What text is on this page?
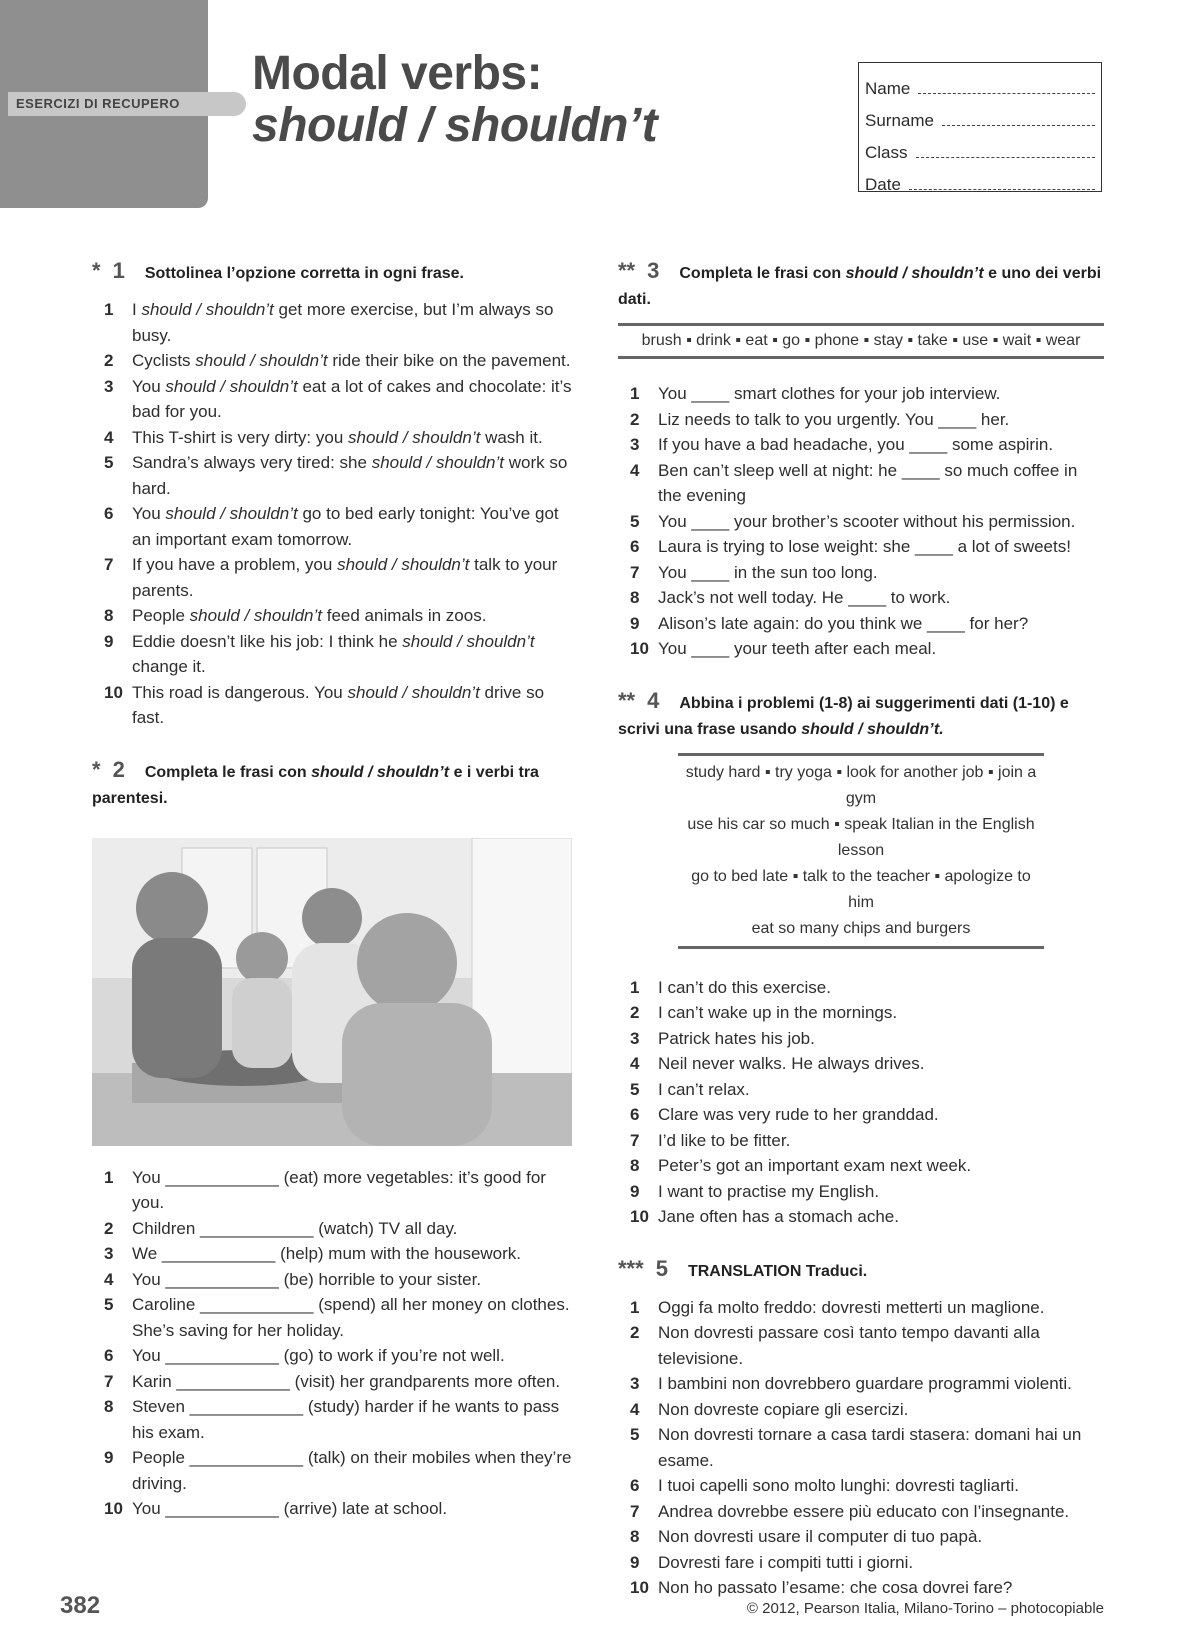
ESERCIZI DI RECUPERO
Modal verbs:
should / shouldn’t
Name
Surname
Class
Date
* 1 Sottolinea l’opzione corretta in ogni frase.
1	I should / shouldn’t get more exercise, but I’m always so busy.
2	Cyclists should / shouldn’t ride their bike on the pavement.
3	You should / shouldn’t eat a lot of cakes and chocolate: it’s bad for you.
4	This T-shirt is very dirty: you should / shouldn’t wash it.
5	Sandra’s always very tired: she should / shouldn’t work so hard.
6	You should / shouldn’t go to bed early tonight: You’ve got an important exam tomorrow.
7	If you have a problem, you should / shouldn’t talk to your parents.
8	People should / shouldn’t feed animals in zoos.
9	Eddie doesn’t like his job: I think he should / shouldn’t change it.
10 This road is dangerous. You should / shouldn’t drive so fast.
* 2 Completa le frasi con should / shouldn’t e i verbi tra parentesi.
1	You ____________ (eat) more vegetables: it’s good for you.
2	Children ____________ (watch) TV all day.
3	We ____________ (help) mum with the housework.
4	You ____________ (be) horrible to your sister.
5	Caroline ____________ (spend) all her money on clothes. She’s saving for her holiday.
6	You ____________ (go) to work if you’re not well.
7	Karin ____________ (visit) her grandparents more often.
8	Steven ____________ (study) harder if he wants to pass his exam.
9	People ____________ (talk) on their mobiles when they’re driving.
10 You ____________ (arrive) late at school.
** 3 Completa le frasi con should / shouldn’t e uno dei verbi dati.
brush ▪ drink ▪ eat ▪ go ▪ phone ▪ stay ▪ take ▪ use ▪ wait ▪ wear
1	You ____ smart clothes for your job interview.
2	Liz needs to talk to you urgently. You ____ her.
3	If you have a bad headache, you ____ some aspirin.
4	Ben can’t sleep well at night: he ____ so much coffee in the evening
5	You ____ your brother’s scooter without his permission.
6	Laura is trying to lose weight: she ____ a lot of sweets!
7	You ____ in the sun too long.
8	Jack’s not well today. He ____ to work.
9	Alison’s late again: do you think we ____ for her?
10 You ____ your teeth after each meal.
** 4 Abbina i problemi (1-8) ai suggerimenti dati (1-10) e scrivi una frase usando should / shouldn’t.
study hard ▪ try yoga ▪ look for another job ▪ join a gym
use his car so much ▪ speak Italian in the English lesson
go to bed late ▪ talk to the teacher ▪ apologize to him
eat so many chips and burgers
1	I can’t do this exercise.
2	I can’t wake up in the mornings.
3	Patrick hates his job.
4	Neil never walks. He always drives.
5	I can’t relax.
6	Clare was very rude to her granddad.
7	I’d like to be fitter.
8	Peter’s got an important exam next week.
9	I want to practise my English.
10 Jane often has a stomach ache.
*** 5 TRANSLATION Traduci.
1	Oggi fa molto freddo: dovresti metterti un maglione.
2	Non dovresti passare così tanto tempo davanti alla televisione.
3	I bambini non dovrebbero guardare programmi violenti.
4	Non dovreste copiare gli esercizi.
5	Non dovresti tornare a casa tardi stasera: domani hai un esame.
6	I tuoi capelli sono molto lunghi: dovresti tagliarti.
7	Andrea dovrebbe essere più educato con l’insegnante.
8	Non dovresti usare il computer di tuo papà.
9	Dovresti fare i compiti tutti i giorni.
10 Non ho passato l’esame: che cosa dovrei fare?
382	© 2012, Pearson Italia, Milano-Torino – photocopiable
